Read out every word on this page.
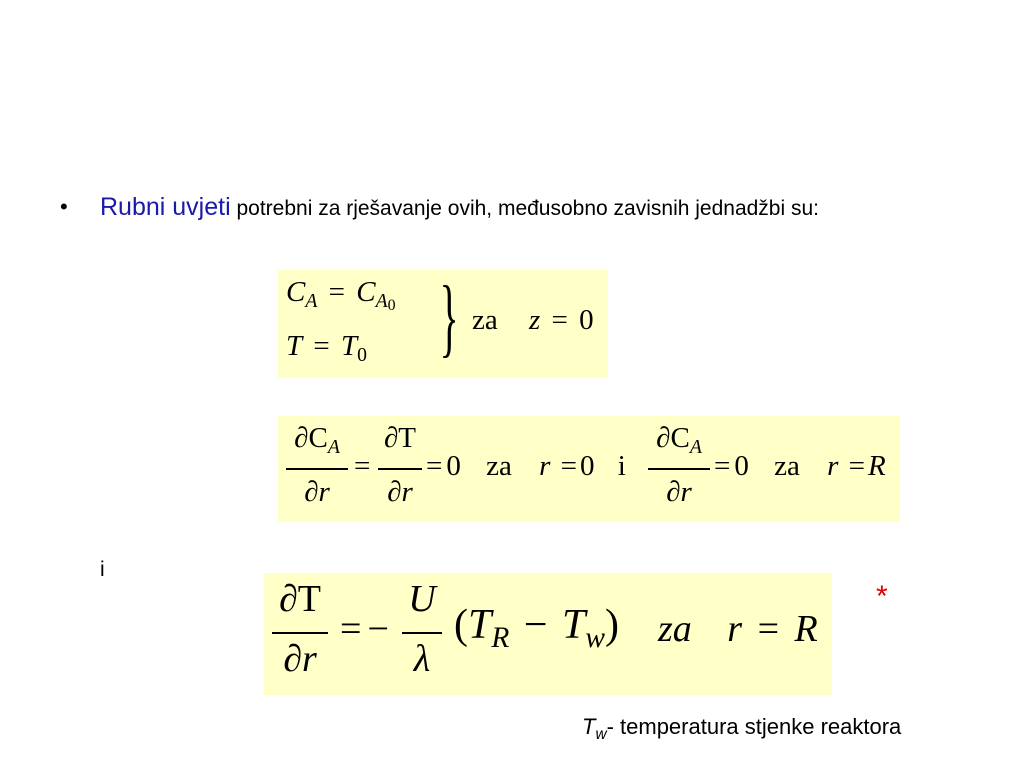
• Rubni uvjeti potrebni za rješavanje ovih, međusobno zavisnih jednadžbi su:
$C_A = C_{A0}$
$T = T_0$ } za z = 0
$\partial C_A$
∂r
=
∂T
∂r
= 0 za r = 0 i
$\partial C_A$
∂r
= 0 za r = R
i
∂T
∂r
= −
U
λ
$(T_R - T_w)$ za r = R
*
$T_w-$ temperatura stjenke reaktora
